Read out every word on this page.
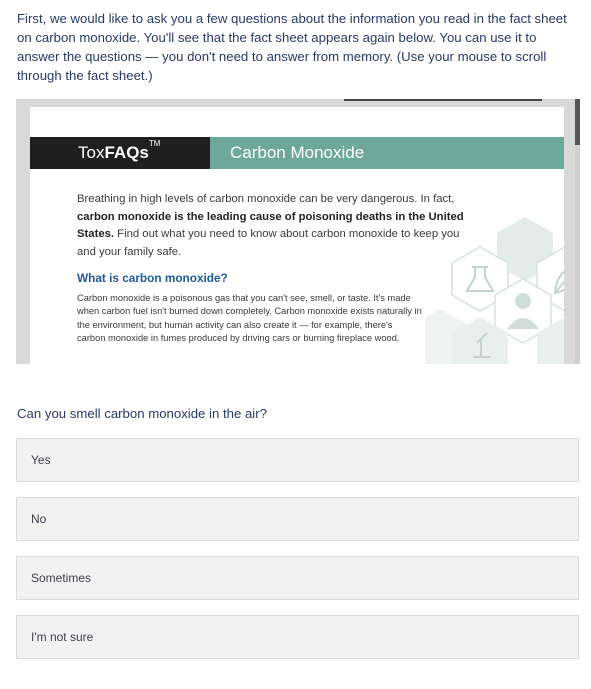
First, we would like to ask you a few questions about the information you read in the fact sheet on carbon monoxide. You'll see that the fact sheet appears again below. You can use it to answer the questions — you don't need to answer from memory. (Use your mouse to scroll through the fact sheet.)
ToxFAQs™	Carbon Monoxide
Breathing in high levels of carbon monoxide can be very dangerous. In fact, carbon monoxide is the leading cause of poisoning deaths in the United States. Find out what you need to know about carbon monoxide to keep you and your family safe.
What is carbon monoxide?
Carbon monoxide is a poisonous gas that you can't see, smell, or taste. It's made when carbon fuel isn't burned down completely. Carbon monoxide exists naturally in the environment, but human activity can also create it — for example, there's carbon monoxide in fumes produced by driving cars or burning fireplace wood.
Can you smell carbon monoxide in the air?
Yes
No
Sometimes
I'm not sure
